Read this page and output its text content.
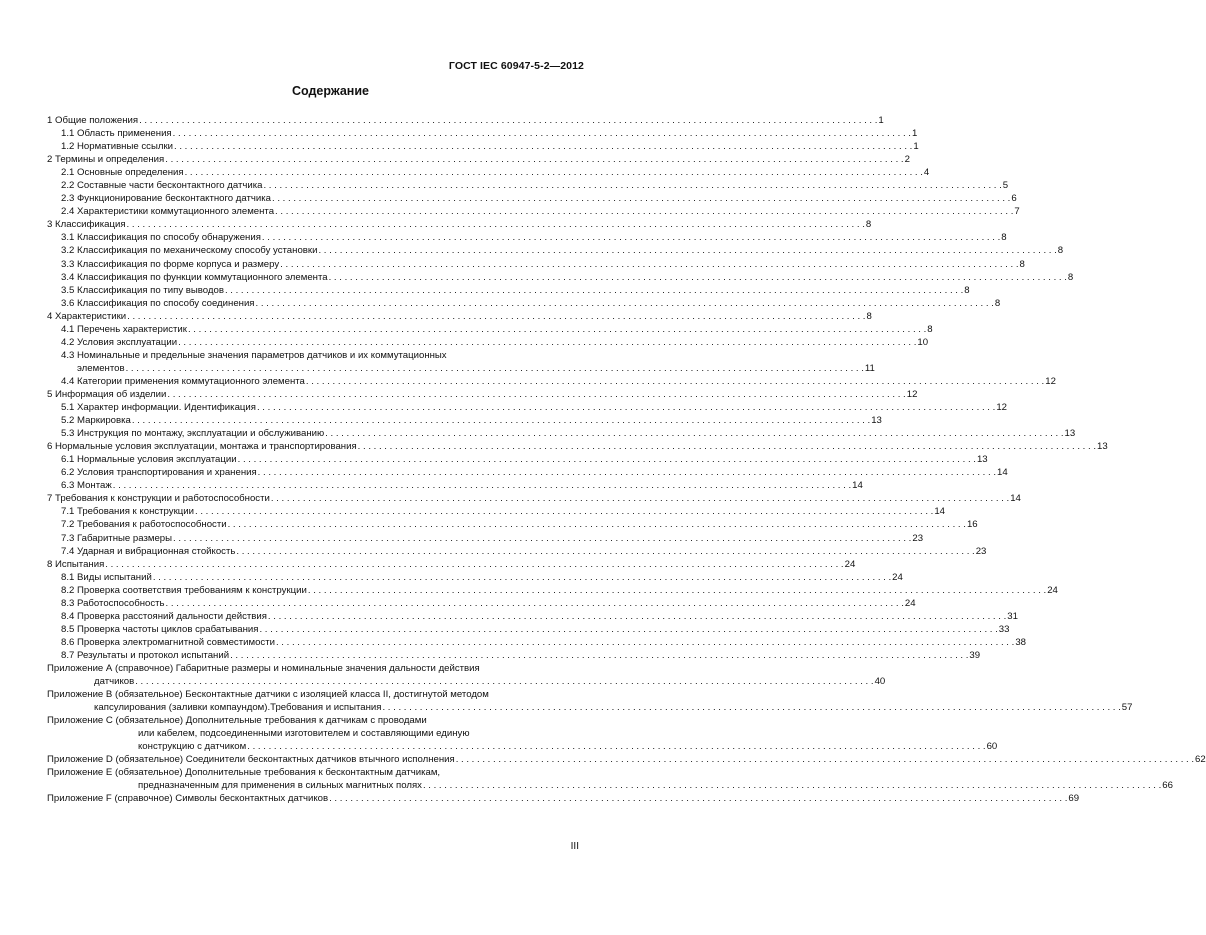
ГОСТ IEC 60947-5-2—2012
Содержание
1 Общие положения . . .	1
1.1 Область применения . . .	1
1.2 Нормативные ссылки . . .	1
2 Термины и определения . . .	2
2.1 Основные определения . . .	4
2.2 Составные части бесконтактного датчика . . .	5
2.3 Функционирование бесконтактного датчика . . .	6
2.4 Характеристики коммутационного элемента . . .	7
3 Классификация . . .	8
3.1 Классификация по способу обнаружения . . .	8
3.2 Классификация по механическому способу установки . . .	8
3.3 Классификация по форме корпуса и размеру . . .	8
3.4 Классификация по функции коммутационного элемента . . .	8
3.5 Классификация по типу выводов . . .	8
3.6 Классификация по способу соединения . . .	8
4 Характеристики . . .	8
4.1 Перечень характеристик . . .	8
4.2 Условия эксплуатации . . .	10
4.3 Номинальные и предельные значения параметров датчиков и их коммутационных
элементов . . .	11
4.4 Категории применения коммутационного элемента . . .	12
5 Информация об изделии . . .	12
5.1 Характер информации. Идентификация . . .	12
5.2 Маркировка . . .	13
5.3 Инструкция по монтажу, эксплуатации и обслуживанию . . .	13
6 Нормальные условия эксплуатации, монтажа и транспортирования . . .	13
6.1 Нормальные условия эксплуатации . . .	13
6.2 Условия транспортирования и хранения . . .	14
6.3 Монтаж . . .	14
7 Требования к конструкции и работоспособности . . .	14
7.1 Требования к конструкции . . .	14
7.2 Требования к работоспособности . . .	16
7.3 Габаритные размеры . . .	23
7.4 Ударная и вибрационная стойкость . . .	23
8 Испытания . . .	24
8.1 Виды испытаний . . .	24
8.2 Проверка соответствия требованиям к конструкции . . .	24
8.3 Работоспособность . . .	24
8.4 Проверка расстояний дальности действия . . .	31
8.5 Проверка частоты циклов срабатывания . . .	33
8.6 Проверка электромагнитной совместимости . . .	38
8.7 Результаты и протокол испытаний . . .	39
Приложение А (справочное) Габаритные размеры и номинальные значения дальности действия
датчиков . . .	40
Приложение В (обязательное) Бесконтактные датчики с изоляцией класса II, достигнутой методом
капсулирования (заливки компаундом).Требования и испытания . . .	57
Приложение С (обязательное) Дополнительные требования к датчикам с проводами
или кабелем, подсоединенными изготовителем и составляющими единую
конструкцию с датчиком . . .	60
Приложение D (обязательное) Соединители бесконтактных датчиков втычного исполнения . . .	62
Приложение Е (обязательное) Дополнительные требования к бесконтактным датчикам,
предназначенным для применения в сильных магнитных полях . . .	66
Приложение F (справочное) Символы бесконтактных датчиков . . .	69
III
